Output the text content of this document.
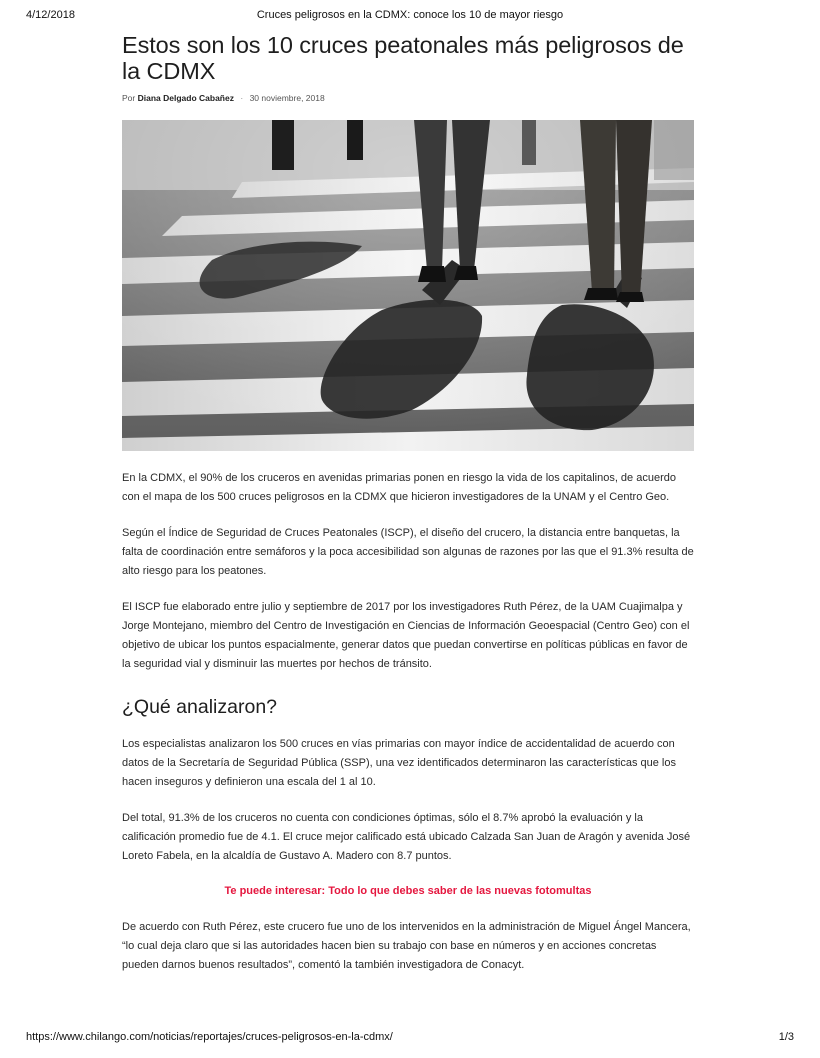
4/12/2018	Cruces peligrosos en la CDMX: conoce los 10 de mayor riesgo
Estos son los 10 cruces peatonales más peligrosos de la CDMX
Por Diana Delgado Cabañez · 30 noviembre, 2018

En la CDMX, el 90% de los cruceros en avenidas primarias ponen en riesgo la vida de los capitalinos, de acuerdo con el mapa de los 500 cruces peligrosos en la CDMX que hicieron investigadores de la UNAM y el Centro Geo.

Según el Índice de Seguridad de Cruces Peatonales (ISCP), el diseño del crucero, la distancia entre banquetas, la falta de coordinación entre semáforos y la poca accesibilidad son algunas de razones por las que el 91.3% resulta de alto riesgo para los peatones.

El ISCP fue elaborado entre julio y septiembre de 2017 por los investigadores Ruth Pérez, de la UAM Cuajimalpa y Jorge Montejano, miembro del Centro de Investigación en Ciencias de Información Geoespacial (Centro Geo) con el objetivo de ubicar los puntos espacialmente, generar datos que puedan convertirse en políticas públicas en favor de la seguridad vial y disminuir las muertes por hechos de tránsito.

¿Qué analizaron?

Los especialistas analizaron los 500 cruces en vías primarias con mayor índice de accidentalidad de acuerdo con datos de la Secretaría de Seguridad Pública (SSP), una vez identificados determinaron las características que los hacen inseguros y definieron una escala del 1 al 10.

Del total, 91.3% de los cruceros no cuenta con condiciones óptimas, sólo el 8.7% aprobó la evaluación y la calificación promedio fue de 4.1. El cruce mejor calificado está ubicado Calzada San Juan de Aragón y avenida José Loreto Fabela, en la alcaldía de Gustavo A. Madero con 8.7 puntos.

Te puede interesar: Todo lo que debes saber de las nuevas fotomultas

De acuerdo con Ruth Pérez, este crucero fue uno de los intervenidos en la administración de Miguel Ángel Mancera, “lo cual deja claro que si las autoridades hacen bien su trabajo con base en números y en acciones concretas pueden darnos buenos resultados”, comentó la también investigadora de Conacyt.

https://www.chilango.com/noticias/reportajes/cruces-peligrosos-en-la-cdmx/	1/3
